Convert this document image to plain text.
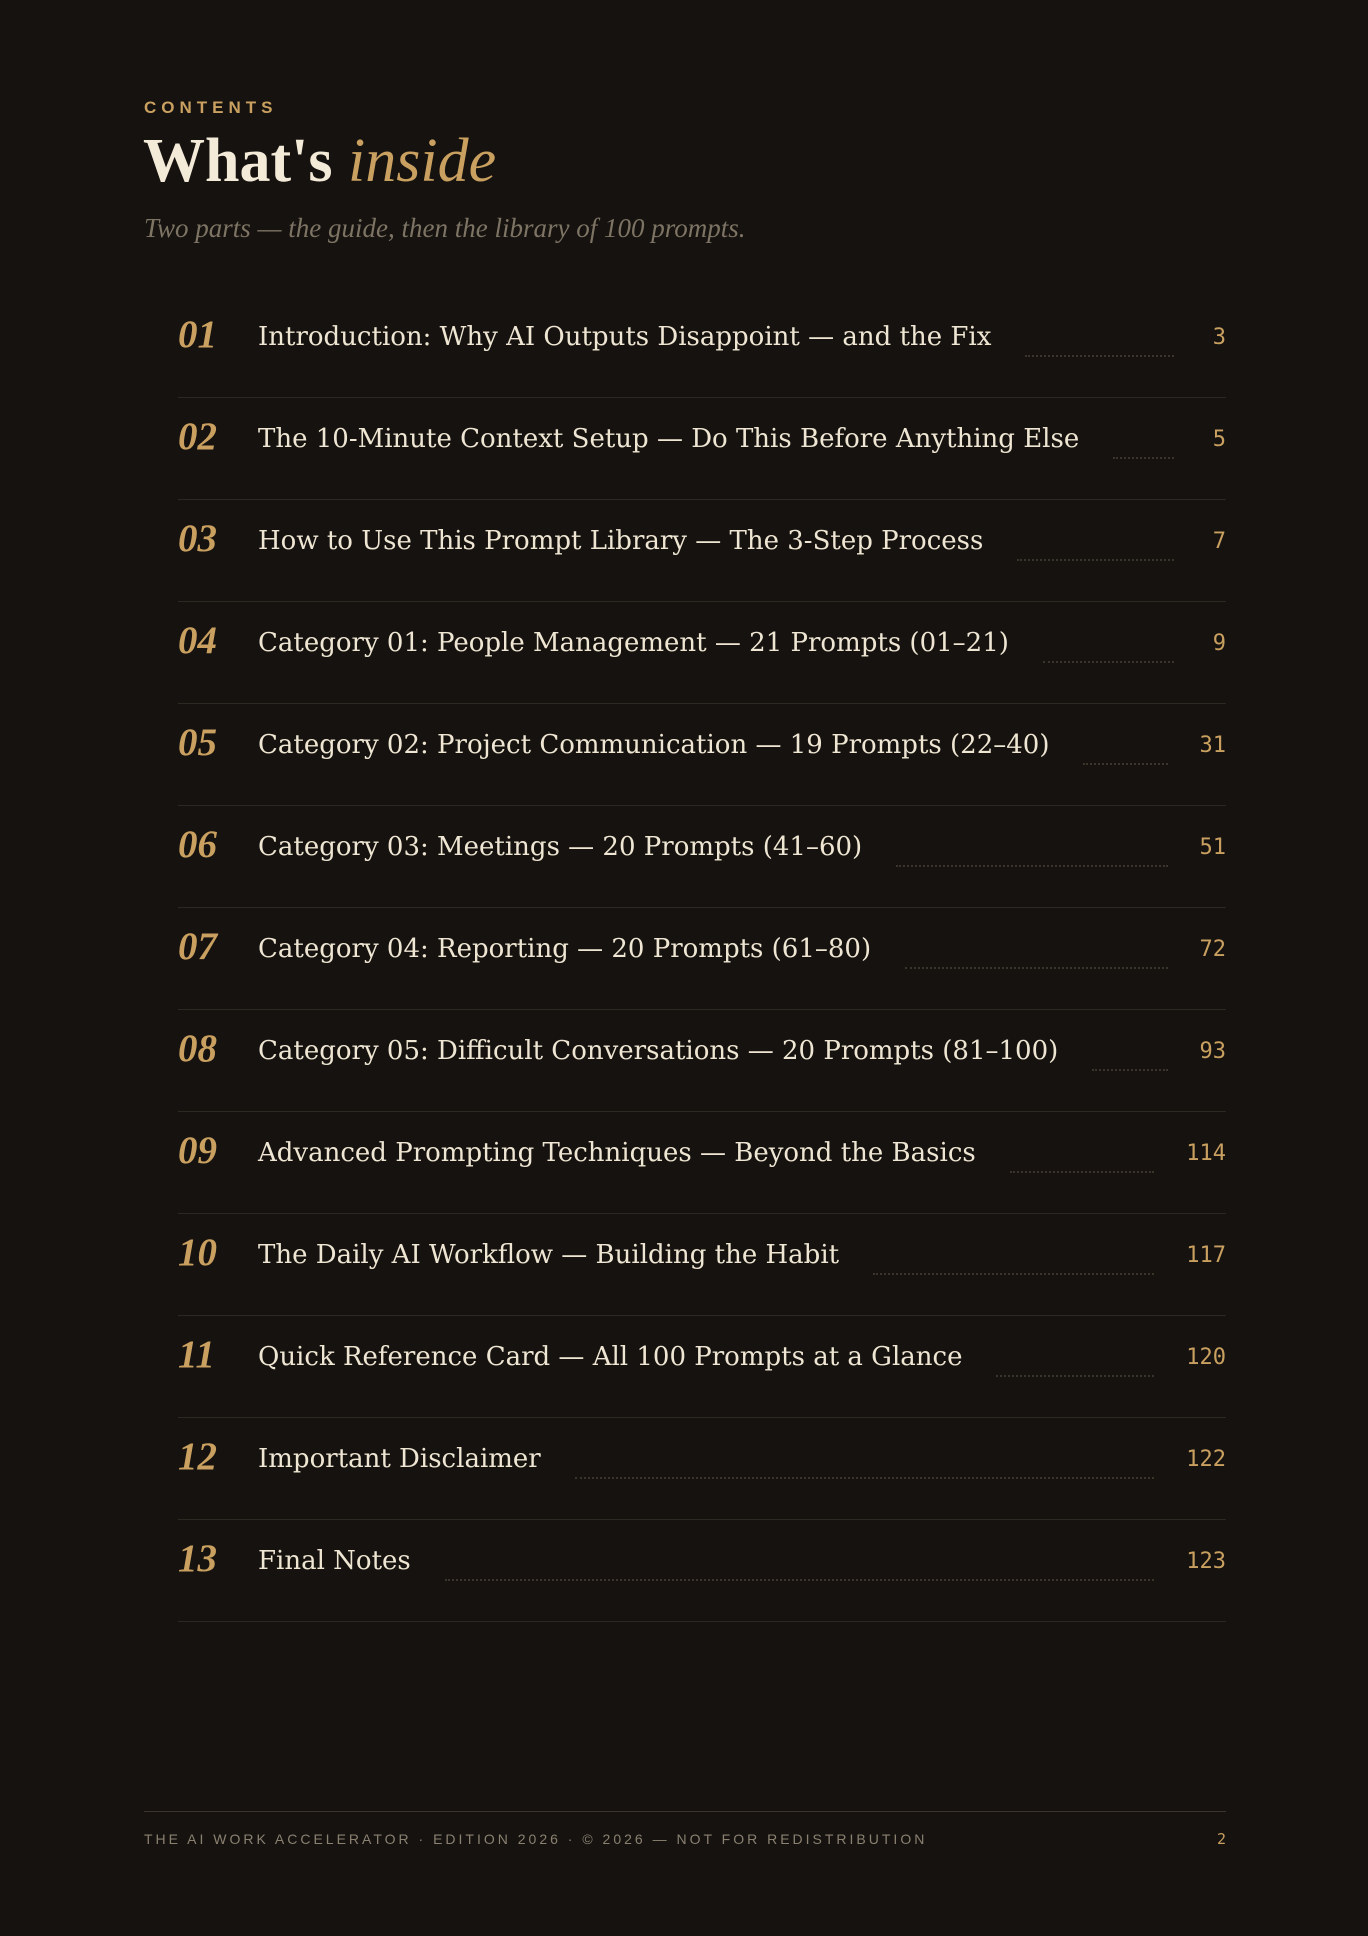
CONTENTS
What's inside
Two parts — the guide, then the library of 100 prompts.
01	Introduction: Why AI Outputs Disappoint — and the Fix	3
02	The 10-Minute Context Setup — Do This Before Anything Else	5
03	How to Use This Prompt Library — The 3-Step Process	7
04	Category 01: People Management — 21 Prompts (01–21)	9
05	Category 02: Project Communication — 19 Prompts (22–40)	31
06	Category 03: Meetings — 20 Prompts (41–60)	51
07	Category 04: Reporting — 20 Prompts (61–80)	72
08	Category 05: Difficult Conversations — 20 Prompts (81–100)	93
09	Advanced Prompting Techniques — Beyond the Basics	114
10	The Daily AI Workflow — Building the Habit	117
11	Quick Reference Card — All 100 Prompts at a Glance	120
12	Important Disclaimer	122
13	Final Notes	123
THE AI WORK ACCELERATOR · EDITION 2026 · © 2026 — NOT FOR REDISTRIBUTION	2
